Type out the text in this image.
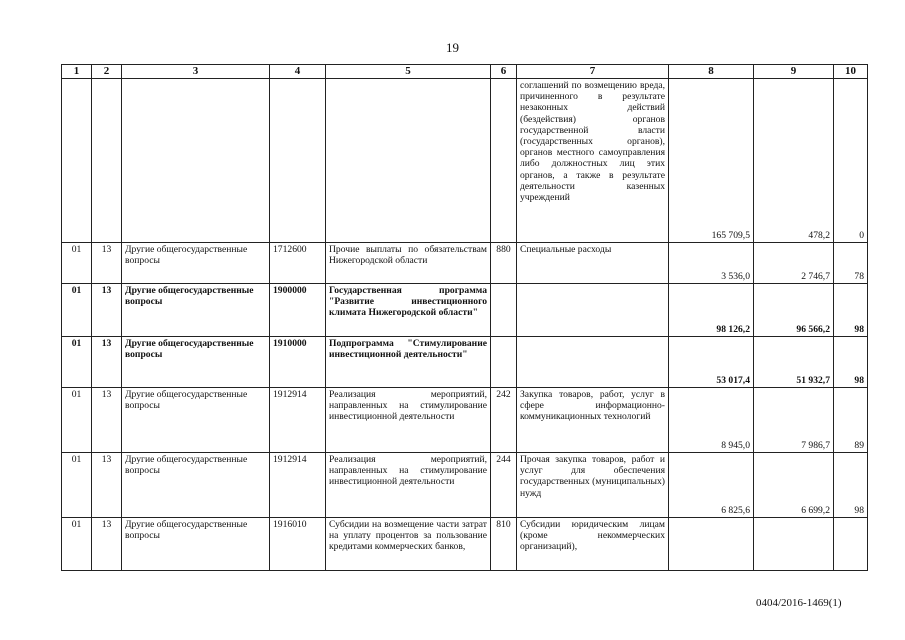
19
1	2	3	4	5	6	7	8	9	10
						соглашений по возмещению вреда, причиненного в результате незаконных действий (бездействия) органов государственной власти (государственных органов), органов местного самоуправления либо должностных лиц этих органов, а также в результате деятельности казенных учреждений	165 709,5	478,2	0
01	13	Другие общегосударственные вопросы	1712600	Прочие выплаты по обязательствам Нижегородской области	880	Специальные расходы	3 536,0	2 746,7	78
01	13	Другие общегосударственные вопросы	1900000	Государственная программа "Развитие инвестиционного климата Нижегородской области"			98 126,2	96 566,2	98
01	13	Другие общегосударственные вопросы	1910000	Подпрограмма "Стимулирование инвестиционной деятельности"			53 017,4	51 932,7	98
01	13	Другие общегосударственные вопросы	1912914	Реализация мероприятий, направленных на стимулирование инвестиционной деятельности	242	Закупка товаров, работ, услуг в сфере информационно-коммуникационных технологий	8 945,0	7 986,7	89
01	13	Другие общегосударственные вопросы	1912914	Реализация мероприятий, направленных на стимулирование инвестиционной деятельности	244	Прочая закупка товаров, работ и услуг для обеспечения государственных (муниципальных) нужд	6 825,6	6 699,2	98
01	13	Другие общегосударственные вопросы	1916010	Субсидии на возмещение части затрат на уплату процентов за пользование кредитами коммерческих банков,	810	Субсидии юридическим лицам (кроме некоммерческих организаций),			
0404/2016-1469(1)
